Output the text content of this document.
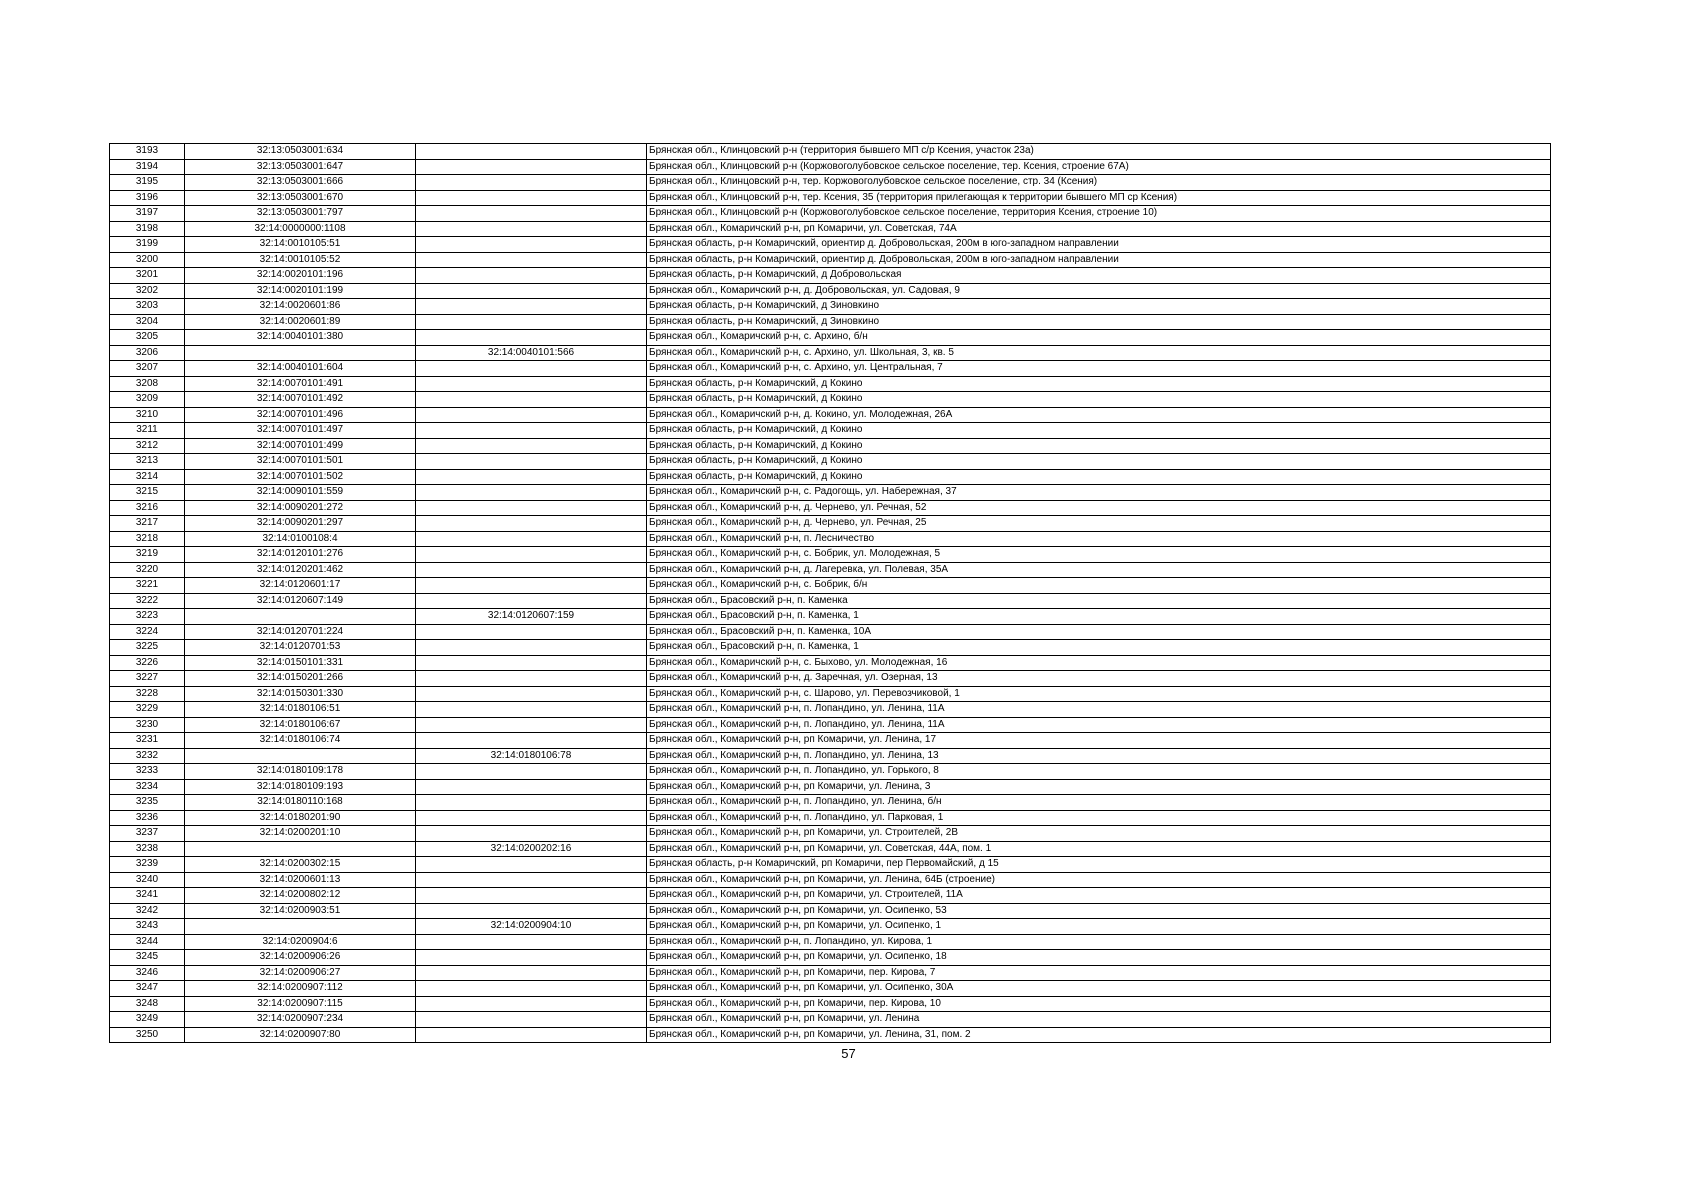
3193	32:13:0503001:634		Брянская обл., Клинцовский р-н (территория бывшего МП с/р Ксения, участок 23а)
3194	32:13:0503001:647		Брянская обл., Клинцовский р-н (Коржовоголубовское сельское поселение, тер. Ксения, строение 67А)
3195	32:13:0503001:666		Брянская обл., Клинцовский р-н, тер. Коржовоголубовское сельское поселение, стр. 34 (Ксения)
3196	32:13:0503001:670		Брянская обл., Клинцовский р-н, тер. Ксения, 35 (территория прилегающая к территории бывшего МП ср Ксения)
3197	32:13:0503001:797		Брянская обл., Клинцовский р-н (Коржовоголубовское сельское поселение, территория Ксения, строение 10)
3198	32:14:0000000:1108		Брянская обл., Комаричский р-н, рп Комаричи, ул. Советская, 74А
3199	32:14:0010105:51		Брянская область, р-н Комаричский, ориентир д. Добровольская, 200м в юго-западном направлении
3200	32:14:0010105:52		Брянская область, р-н Комаричский, ориентир д. Добровольская, 200м в юго-западном направлении
3201	32:14:0020101:196		Брянская область, р-н Комаричский, д Добровольская
3202	32:14:0020101:199		Брянская обл., Комаричский р-н, д. Добровольская, ул. Садовая, 9
3203	32:14:0020601:86		Брянская область, р-н Комаричский, д Зиновкино
3204	32:14:0020601:89		Брянская область, р-н Комаричский, д Зиновкино
3205	32:14:0040101:380		Брянская обл., Комаричский р-н, с. Архино, б/н
3206		32:14:0040101:566	Брянская обл., Комаричский р-н, с. Архино, ул. Школьная, 3, кв. 5
3207	32:14:0040101:604		Брянская обл., Комаричский р-н, с. Архино, ул. Центральная, 7
3208	32:14:0070101:491		Брянская область, р-н Комаричский, д Кокино
3209	32:14:0070101:492		Брянская область, р-н Комаричский, д Кокино
3210	32:14:0070101:496		Брянская обл., Комаричский р-н, д. Кокино, ул. Молодежная, 26А
3211	32:14:0070101:497		Брянская область, р-н Комаричский, д Кокино
3212	32:14:0070101:499		Брянская область, р-н Комаричский, д Кокино
3213	32:14:0070101:501		Брянская область, р-н Комаричский, д Кокино
3214	32:14:0070101:502		Брянская область, р-н Комаричский, д Кокино
3215	32:14:0090101:559		Брянская обл., Комаричский р-н, с. Радогощь, ул. Набережная, 37
3216	32:14:0090201:272		Брянская обл., Комаричский р-н, д. Чернево, ул. Речная, 52
3217	32:14:0090201:297		Брянская обл., Комаричский р-н, д. Чернево, ул. Речная, 25
3218	32:14:0100108:4		Брянская обл., Комаричский р-н, п. Лесничество
3219	32:14:0120101:276		Брянская обл., Комаричский р-н, с. Бобрик, ул. Молодежная, 5
3220	32:14:0120201:462		Брянская обл., Комаричский р-н, д. Лагеревка, ул. Полевая, 35А
3221	32:14:0120601:17		Брянская обл., Комаричский р-н, с. Бобрик, б/н
3222	32:14:0120607:149		Брянская обл., Брасовский р-н, п. Каменка
3223		32:14:0120607:159	Брянская обл., Брасовский р-н, п. Каменка, 1
3224	32:14:0120701:224		Брянская обл., Брасовский р-н, п. Каменка, 10А
3225	32:14:0120701:53		Брянская обл., Брасовский р-н, п. Каменка, 1
3226	32:14:0150101:331		Брянская обл., Комаричский р-н, с. Быхово, ул. Молодежная, 16
3227	32:14:0150201:266		Брянская обл., Комаричский р-н, д. Заречная, ул. Озерная, 13
3228	32:14:0150301:330		Брянская обл., Комаричский р-н, с. Шарово, ул. Перевозчиковой, 1
3229	32:14:0180106:51		Брянская обл., Комаричский р-н, п. Лопандино, ул. Ленина, 11А
3230	32:14:0180106:67		Брянская обл., Комаричский р-н, п. Лопандино, ул. Ленина, 11А
3231	32:14:0180106:74		Брянская обл., Комаричский р-н, рп Комаричи, ул. Ленина, 17
3232		32:14:0180106:78	Брянская обл., Комаричский р-н, п. Лопандино, ул. Ленина, 13
3233	32:14:0180109:178		Брянская обл., Комаричский р-н, п. Лопандино, ул. Горького, 8
3234	32:14:0180109:193		Брянская обл., Комаричский р-н, рп Комаричи, ул. Ленина, 3
3235	32:14:0180110:168		Брянская обл., Комаричский р-н, п. Лопандино, ул. Ленина, б/н
3236	32:14:0180201:90		Брянская обл., Комаричский р-н, п. Лопандино, ул. Парковая, 1
3237	32:14:0200201:10		Брянская обл., Комаричский р-н, рп Комаричи, ул. Строителей, 2В
3238		32:14:0200202:16	Брянская обл., Комаричский р-н, рп Комаричи, ул. Советская, 44А, пом. 1
3239	32:14:0200302:15		Брянская область, р-н Комаричский, рп Комаричи, пер Первомайский, д 15
3240	32:14:0200601:13		Брянская обл., Комаричский р-н, рп Комаричи, ул. Ленина, 64Б (строение)
3241	32:14:0200802:12		Брянская обл., Комаричский р-н, рп Комаричи, ул. Строителей, 11А
3242	32:14:0200903:51		Брянская обл., Комаричский р-н, рп Комаричи, ул. Осипенко, 53
3243		32:14:0200904:10	Брянская обл., Комаричский р-н, рп Комаричи, ул. Осипенко, 1
3244	32:14:0200904:6		Брянская обл., Комаричский р-н, п. Лопандино, ул. Кирова, 1
3245	32:14:0200906:26		Брянская обл., Комаричский р-н, рп Комаричи, ул. Осипенко, 18
3246	32:14:0200906:27		Брянская обл., Комаричский р-н, рп Комаричи, пер. Кирова, 7
3247	32:14:0200907:112		Брянская обл., Комаричский р-н, рп Комаричи, ул. Осипенко, 30А
3248	32:14:0200907:115		Брянская обл., Комаричский р-н, рп Комаричи, пер. Кирова, 10
3249	32:14:0200907:234		Брянская обл., Комаричский р-н, рп Комаричи, ул. Ленина
3250	32:14:0200907:80		Брянская обл., Комаричский р-н, рп Комаричи, ул. Ленина, 31, пом. 2
57
